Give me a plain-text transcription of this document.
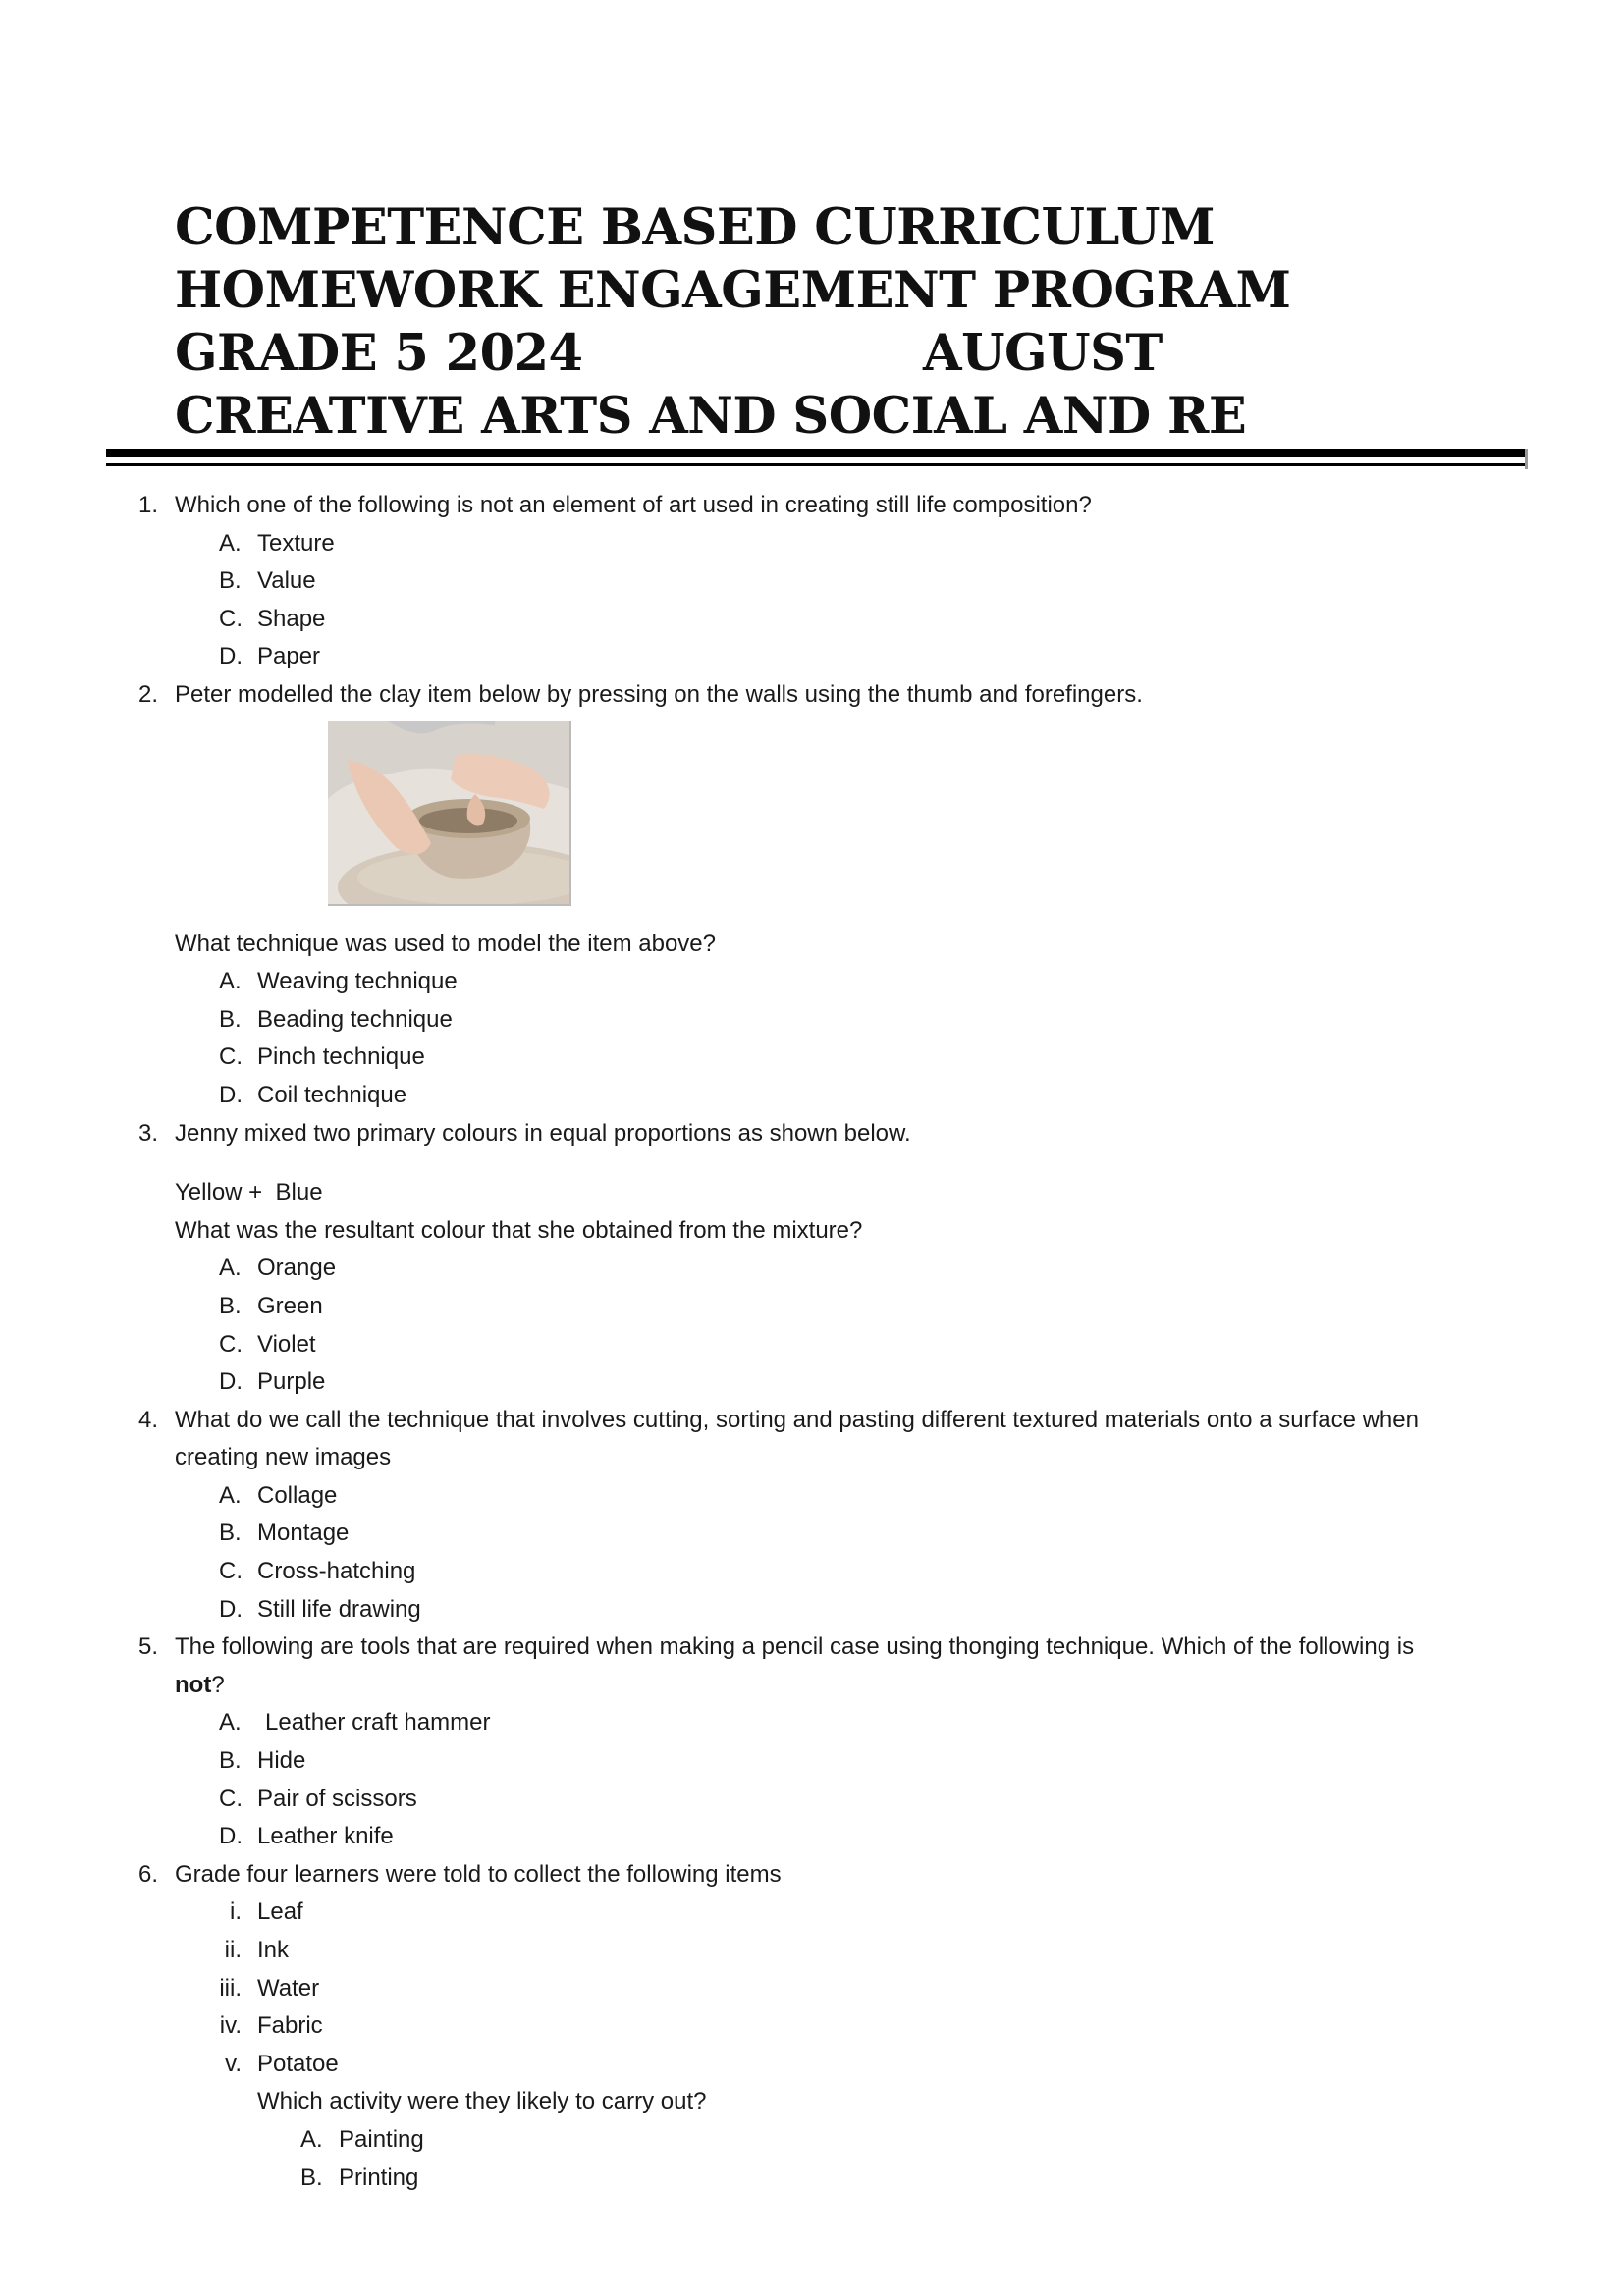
COMPETENCE BASED CURRICULUM
HOMEWORK ENGAGEMENT PROGRAM
GRADE 5 2024	AUGUST
CREATIVE ARTS AND SOCIAL AND RE
1. Which one of the following is not an element of art used in creating still life composition?
A. Texture
B. Value
C. Shape
D. Paper
2. Peter modelled the clay item below by pressing on the walls using the thumb and forefingers.
What technique was used to model the item above?
A. Weaving technique
B. Beading technique
C. Pinch technique
D. Coil technique
3. Jenny mixed two primary colours in equal proportions as shown below.
Yellow +  Blue
What was the resultant colour that she obtained from the mixture?
A. Orange
B. Green
C. Violet
D. Purple
4. What do we call the technique that involves cutting, sorting and pasting different textured materials onto a surface when
creating new images
A. Collage
B. Montage
C. Cross-hatching
D. Still life drawing
5. The following are tools that are required when making a pencil case using thonging technique. Which of the following is
not?
A. Leather craft hammer
B. Hide
C. Pair of scissors
D. Leather knife
6. Grade four learners were told to collect the following items
i. Leaf
ii. Ink
iii. Water
iv. Fabric
v. Potatoe
Which activity were they likely to carry out?
A. Painting
B. Printing
